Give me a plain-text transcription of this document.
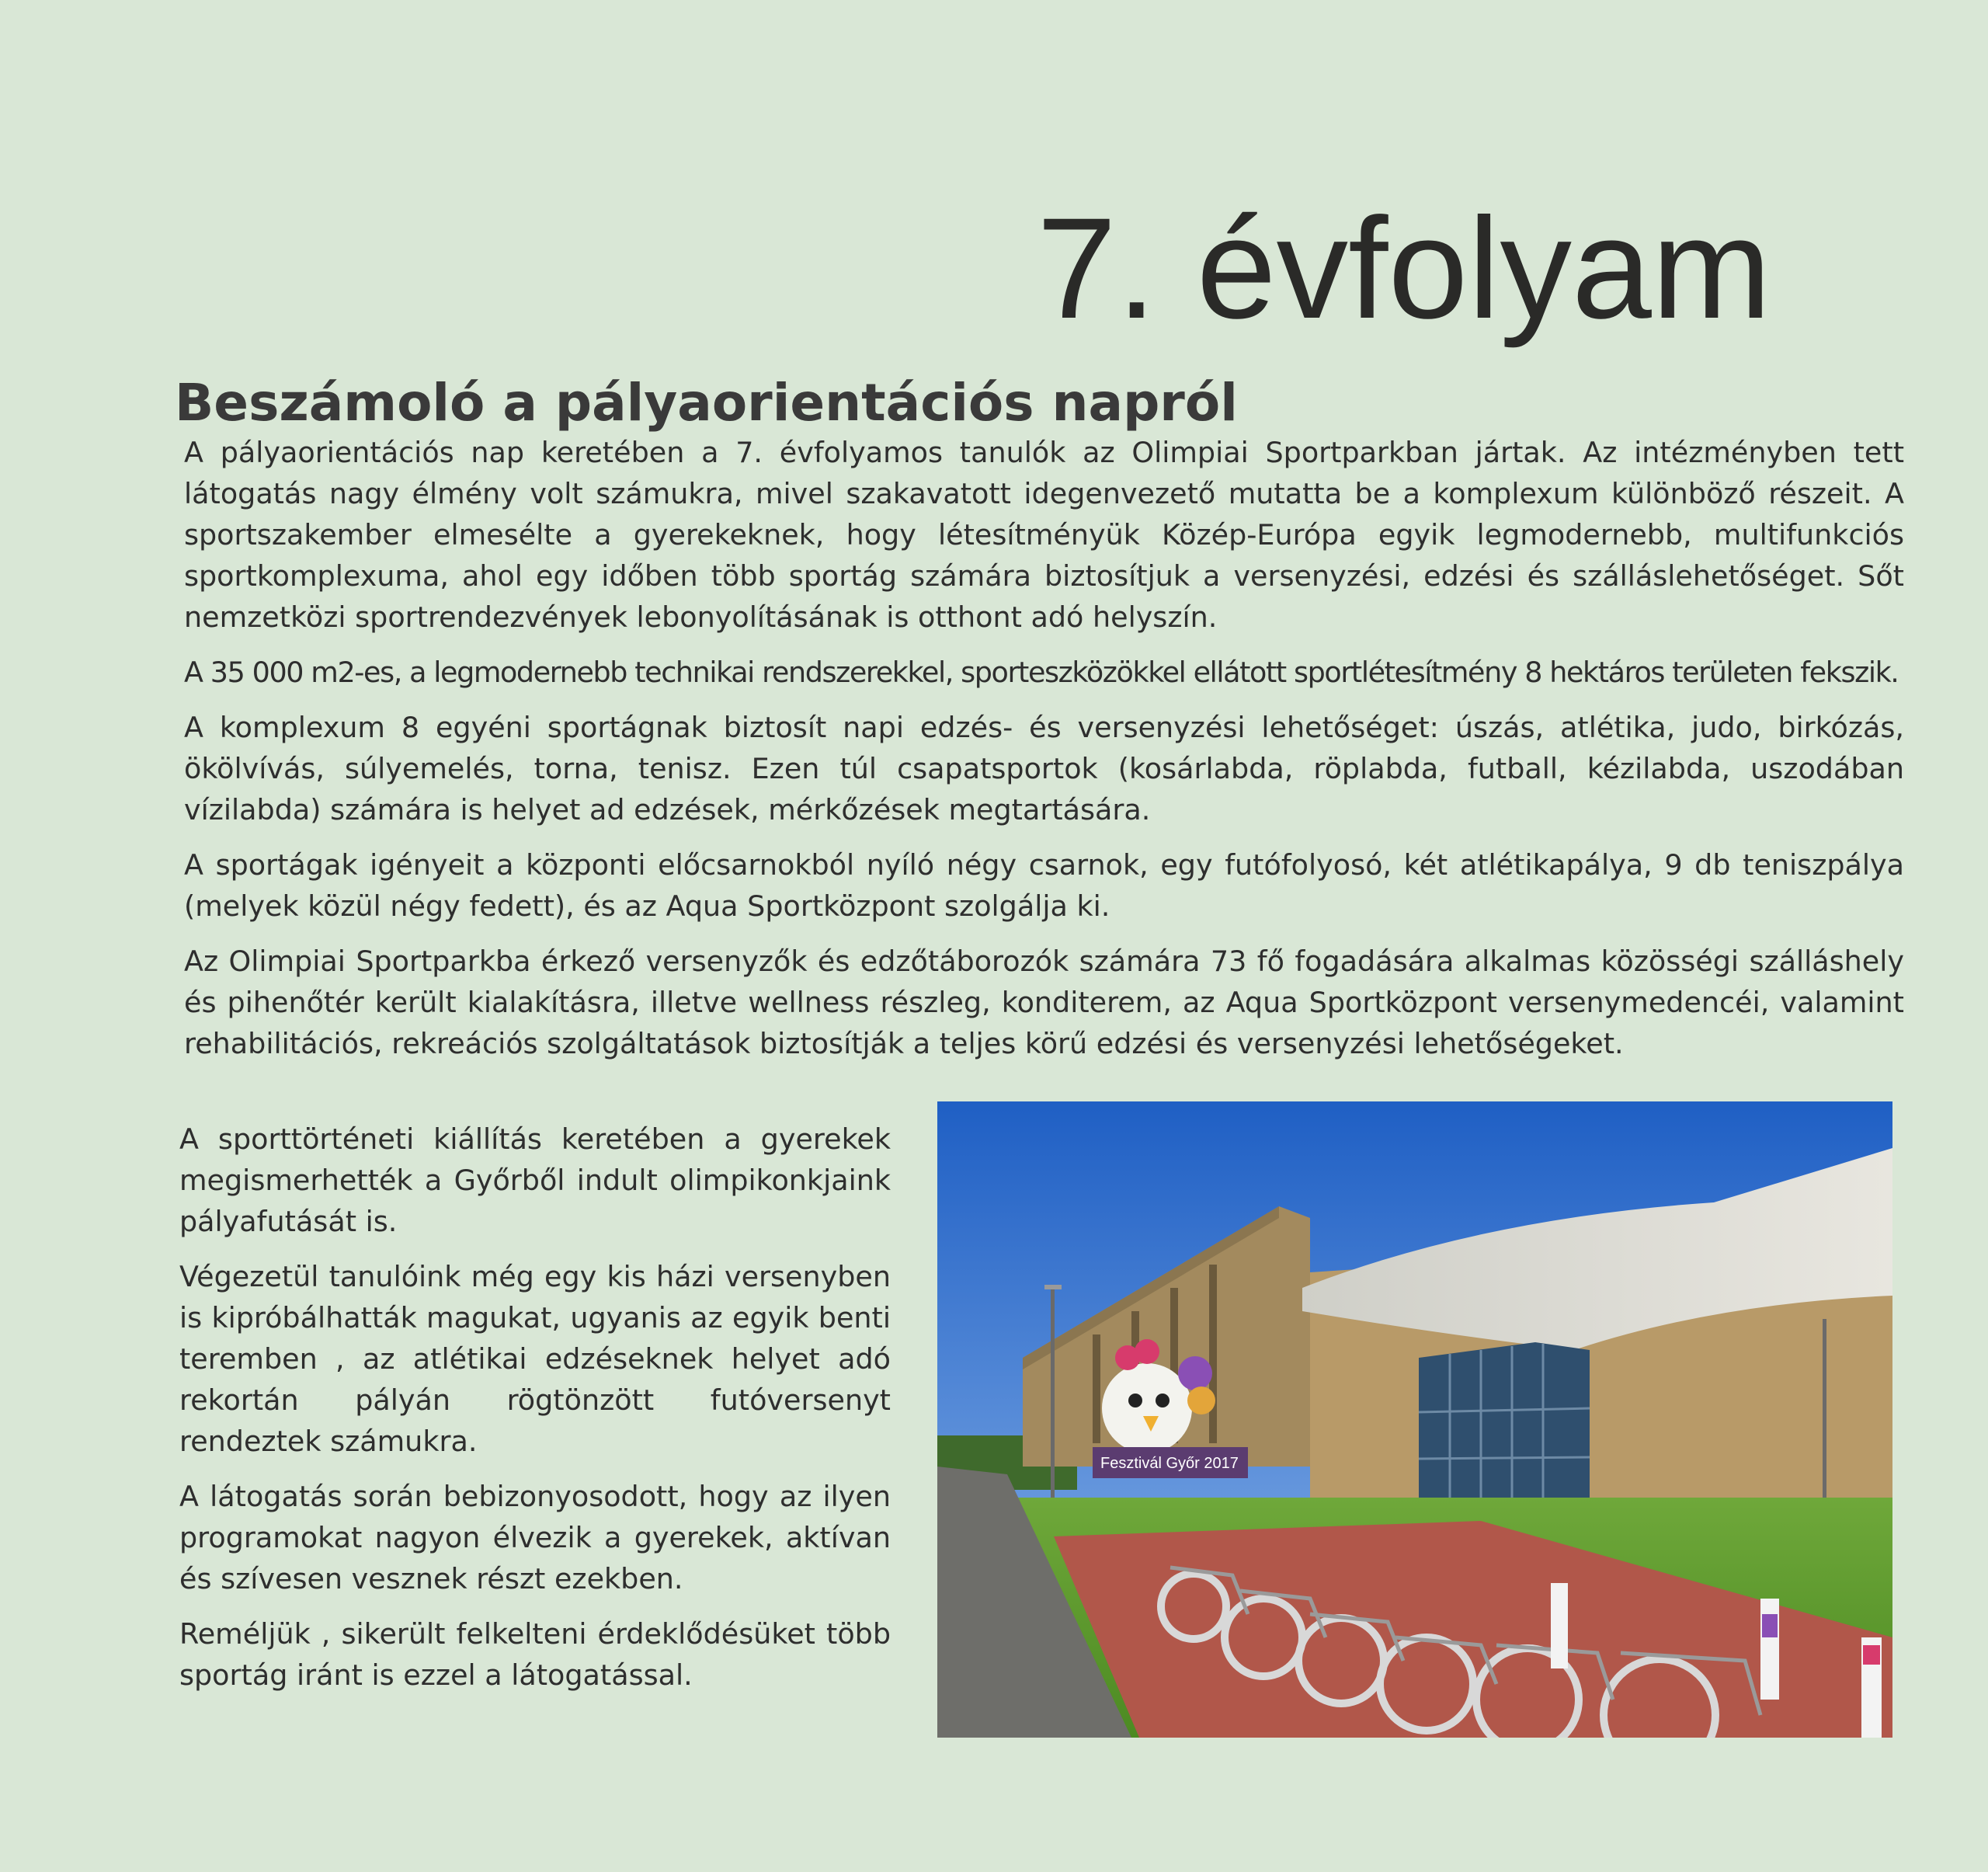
7. évfolyam
Beszámoló a pályaorientációs napról

A pályaorientációs nap keretében a 7. évfolyamos tanulók az Olimpiai Sportparkban jártak. Az intézményben tett látogatás nagy élmény volt számukra, mivel szakavatott idegenvezető mutatta be a komplexum különböző részeit. A sportszakember elmesélte a gyerekeknek, hogy létesítményük Közép-Európa egyik legmodernebb, multifunkciós sportkomplexuma, ahol egy időben több sportág számára biztosítjuk a versenyzési, edzési és szálláslehetőséget. Sőt nemzetközi sportrendezvények lebonyolításának is otthont adó helyszín.

A 35 000 m2-es, a legmodernebb technikai rendszerekkel, sporteszközökkel ellátott sportlétesítmény 8 hektáros területen fekszik.

A komplexum 8 egyéni sportágnak biztosít napi edzés- és versenyzési lehetőséget: úszás, atlétika, judo, birkózás, ökölvívás, súlyemelés, torna, tenisz. Ezen túl csapatsportok (kosárlabda, röplabda, futball, kézilabda, uszodában vízilabda) számára is helyet ad edzések, mérkőzések megtartására.

A sportágak igényeit a központi előcsarnokból nyíló négy csarnok, egy futófolyosó, két atlétikapálya, 9 db teniszpálya (melyek közül négy fedett), és az Aqua Sportközpont szolgálja ki.

Az Olimpiai Sportparkba érkező versenyzők és edzőtáborozók számára 73 fő fogadására alkalmas közösségi szálláshely és pihenőtér került kialakításra, illetve wellness részleg, konditerem, az Aqua Sportközpont versenymedencéi, valamint rehabilitációs, rekreációs szolgáltatások biztosítják a teljes körű edzési és versenyzési lehetőségeket.

A sporttörténeti kiállítás keretében a gyerekek megismerhették a Győrből indult olimpikonkjaink pályafutását is.

Végezetül tanulóink még egy kis házi versenyben is kipróbálhatták magukat, ugyanis az egyik benti teremben , az atlétikai edzéseknek helyet adó rekortán pályán rögtönzött futóversenyt rendeztek számukra.

A látogatás során bebizonyosodott, hogy az ilyen programokat nagyon élvezik a gyerekek, aktívan és szívesen vesznek részt ezekben.

Reméljük , sikerült felkelteni érdeklődésüket több sportág iránt is ezzel a látogatással.

Fesztivál Győr 2017
